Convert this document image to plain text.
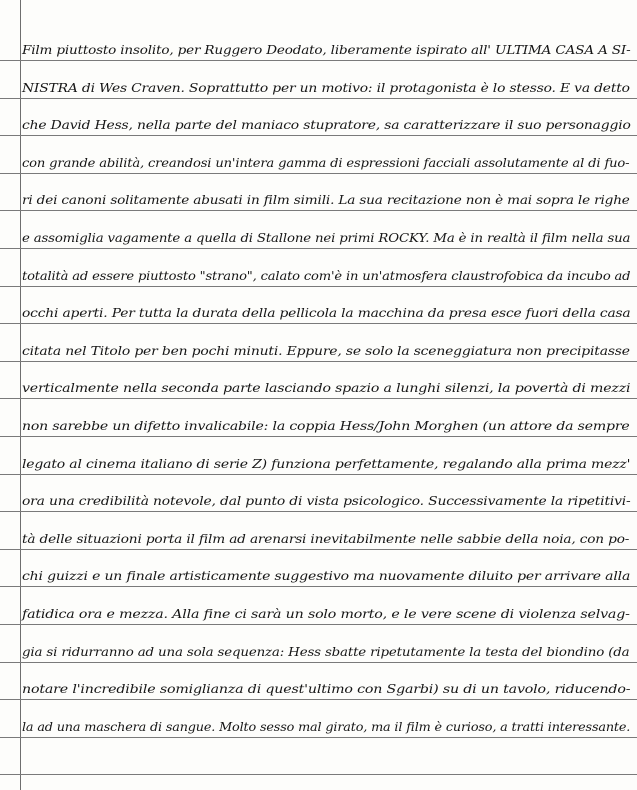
Film piuttosto insolito, per Ruggero Deodato, liberamente ispirato all' ULTIMA CASA A SI-
NISTRA di Wes Craven. Soprattutto per un motivo: il protagonista è lo stesso. E va detto
che David Hess, nella parte del maniaco stupratore, sa caratterizzare il suo personaggio
con grande abilità, creandosi un'intera gamma di espressioni facciali assolutamente al di fuo-
ri dei canoni solitamente abusati in film simili. La sua recitazione non è mai sopra le righe
e assomiglia vagamente a quella di Stallone nei primi ROCKY. Ma è in realtà il film nella sua
totalità ad essere piuttosto "strano", calato com'è in un'atmosfera claustrofobica da incubo ad
occhi aperti. Per tutta la durata della pellicola la macchina da presa esce fuori della casa
citata nel Titolo per ben pochi minuti. Eppure, se solo la sceneggiatura non precipitasse
verticalmente nella seconda parte lasciando spazio a lunghi silenzi, la povertà di mezzi
non sarebbe un difetto invalicabile: la coppia Hess/John Morghen (un attore da sempre
legato al cinema italiano di serie Z) funziona perfettamente, regalando alla prima mezz'
ora una credibilità notevole, dal punto di vista psicologico. Successivamente la ripetitivi-
tà delle situazioni porta il film ad arenarsi inevitabilmente nelle sabbie della noia, con po-
chi guizzi e un finale artisticamente suggestivo ma nuovamente diluito per arrivare alla
fatidica ora e mezza. Alla fine ci sarà un solo morto, e le vere scene di violenza selvag-
gia si ridurranno ad una sola sequenza: Hess sbatte ripetutamente la testa del biondino (da
notare l'incredibile somiglianza di quest'ultimo con Sgarbi) su di un tavolo, riducendo-
la ad una maschera di sangue. Molto sesso mal girato, ma il film è curioso, a tratti interessante.
